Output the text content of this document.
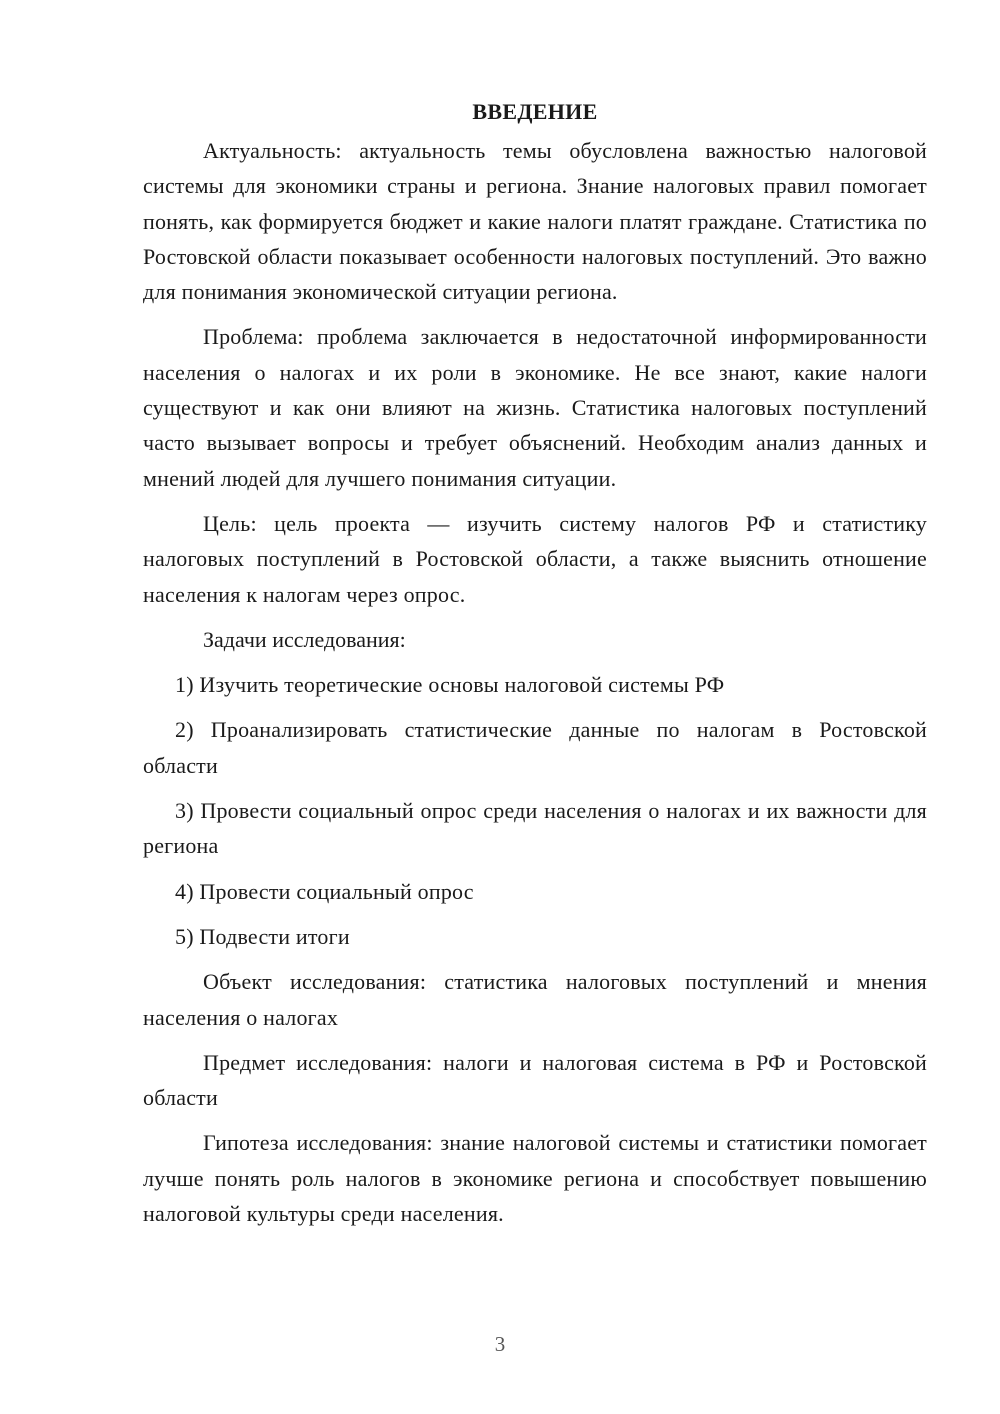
ВВЕДЕНИЕ

Актуальность: актуальность темы обусловлена важностью налоговой системы для экономики страны и региона. Знание налоговых правил помогает понять, как формируется бюджет и какие налоги платят граждане. Статистика по Ростовской области показывает особенности налоговых поступлений. Это важно для понимания экономической ситуации региона.

Проблема: проблема заключается в недостаточной информированности населения о налогах и их роли в экономике. Не все знают, какие налоги существуют и как они влияют на жизнь. Статистика налоговых поступлений часто вызывает вопросы и требует объяснений. Необходим анализ данных и мнений людей для лучшего понимания ситуации.

Цель: цель проекта — изучить систему налогов РФ и статистику налоговых поступлений в Ростовской области, а также выяснить отношение населения к налогам через опрос.

Задачи исследования:

1) Изучить теоретические основы налоговой системы РФ

2) Проанализировать статистические данные по налогам в Ростовской области

3) Провести социальный опрос среди населения о налогах и их важности для региона

4) Провести социальный опрос

5) Подвести итоги

Объект исследования: статистика налоговых поступлений и мнения населения о налогах

Предмет исследования: налоги и налоговая система в РФ и Ростовской области

Гипотеза исследования: знание налоговой системы и статистики помогает лучше понять роль налогов в экономике региона и способствует повышению налоговой культуры среди населения.

3
